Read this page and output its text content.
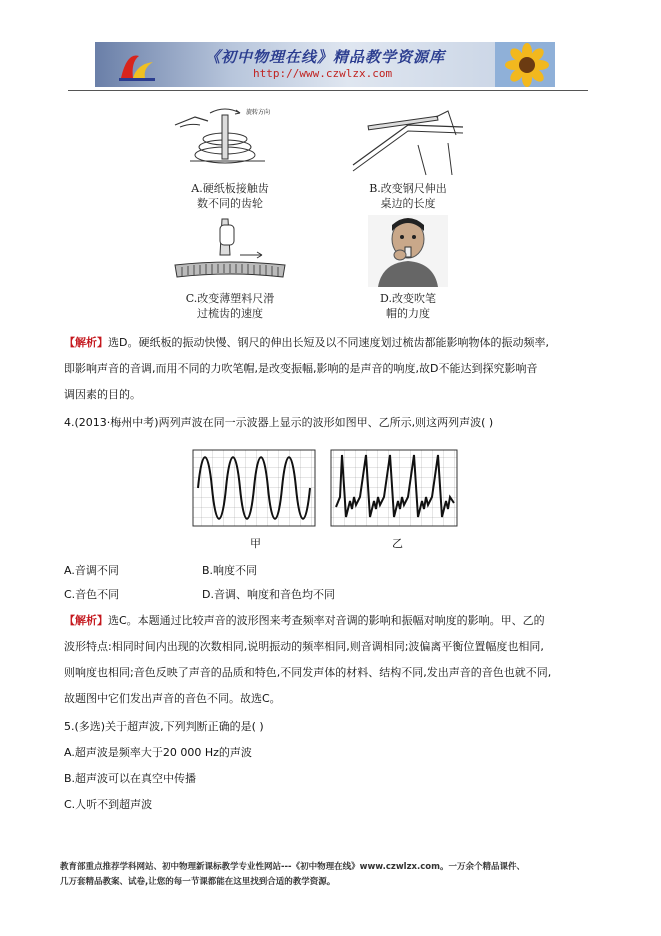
《初中物理在线》精品教学资源库
http://www.czwlzx.com
旋转方向
A.硬纸板接触齿
数不同的齿轮
B.改变钢尺伸出
桌边的长度
C.改变薄塑料尺滑
过梳齿的速度
D.改变吹笔
帽的力度
【解析】选D。硬纸板的振动快慢、钢尺的伸出长短及以不同速度划过梳齿都能影响物体的振动频率,
即影响声音的音调,而用不同的力吹笔帽,是改变振幅,影响的是声音的响度,故D不能达到探究影响音
调因素的目的。
4.(2013·梅州中考)两列声波在同一示波器上显示的波形如图甲、乙所示,则这两列声波( )
甲	乙
A.音调不同	B.响度不同
C.音色不同	D.音调、响度和音色均不同
【解析】选C。本题通过比较声音的波形图来考查频率对音调的影响和振幅对响度的影响。甲、乙的
波形特点:相同时间内出现的次数相同,说明振动的频率相同,则音调相同;波偏离平衡位置幅度也相同,
则响度也相同;音色反映了声音的品质和特色,不同发声体的材料、结构不同,发出声音的音色也就不同,
故题图中它们发出声音的音色不同。故选C。
5.(多选)关于超声波,下列判断正确的是( )
A.超声波是频率大于20 000 Hz的声波
B.超声波可以在真空中传播
C.人听不到超声波
教育部重点推荐学科网站、初中物理新课标教学专业性网站---《初中物理在线》www.czwlzx.com。一万余个精品课件、
几万套精品教案、试卷,让您的每一节课都能在这里找到合适的教学资源。
